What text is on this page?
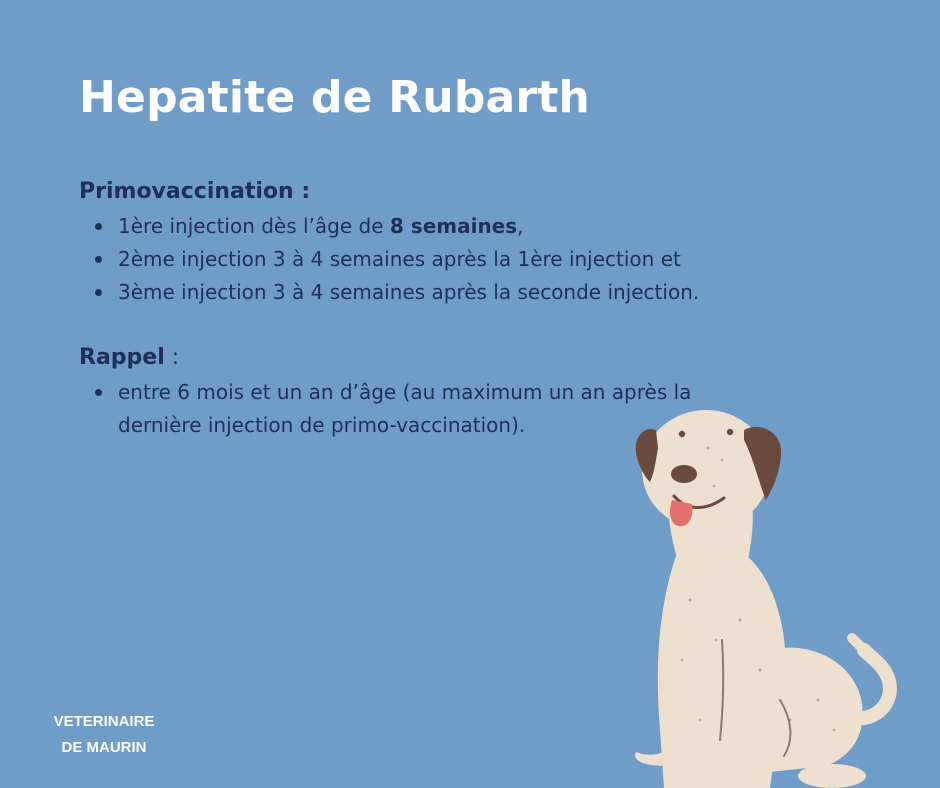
Hepatite de Rubarth
Primovaccination :
1ère injection dès l’âge de 8 semaines,
2ème injection 3 à 4 semaines après la 1ère injection et
3ème injection 3 à 4 semaines après la seconde injection.
Rappel :
entre 6 mois et un an d’âge (au maximum un an après la dernière injection de primo-vaccination).
VETERINAIRE
DE MAURIN
